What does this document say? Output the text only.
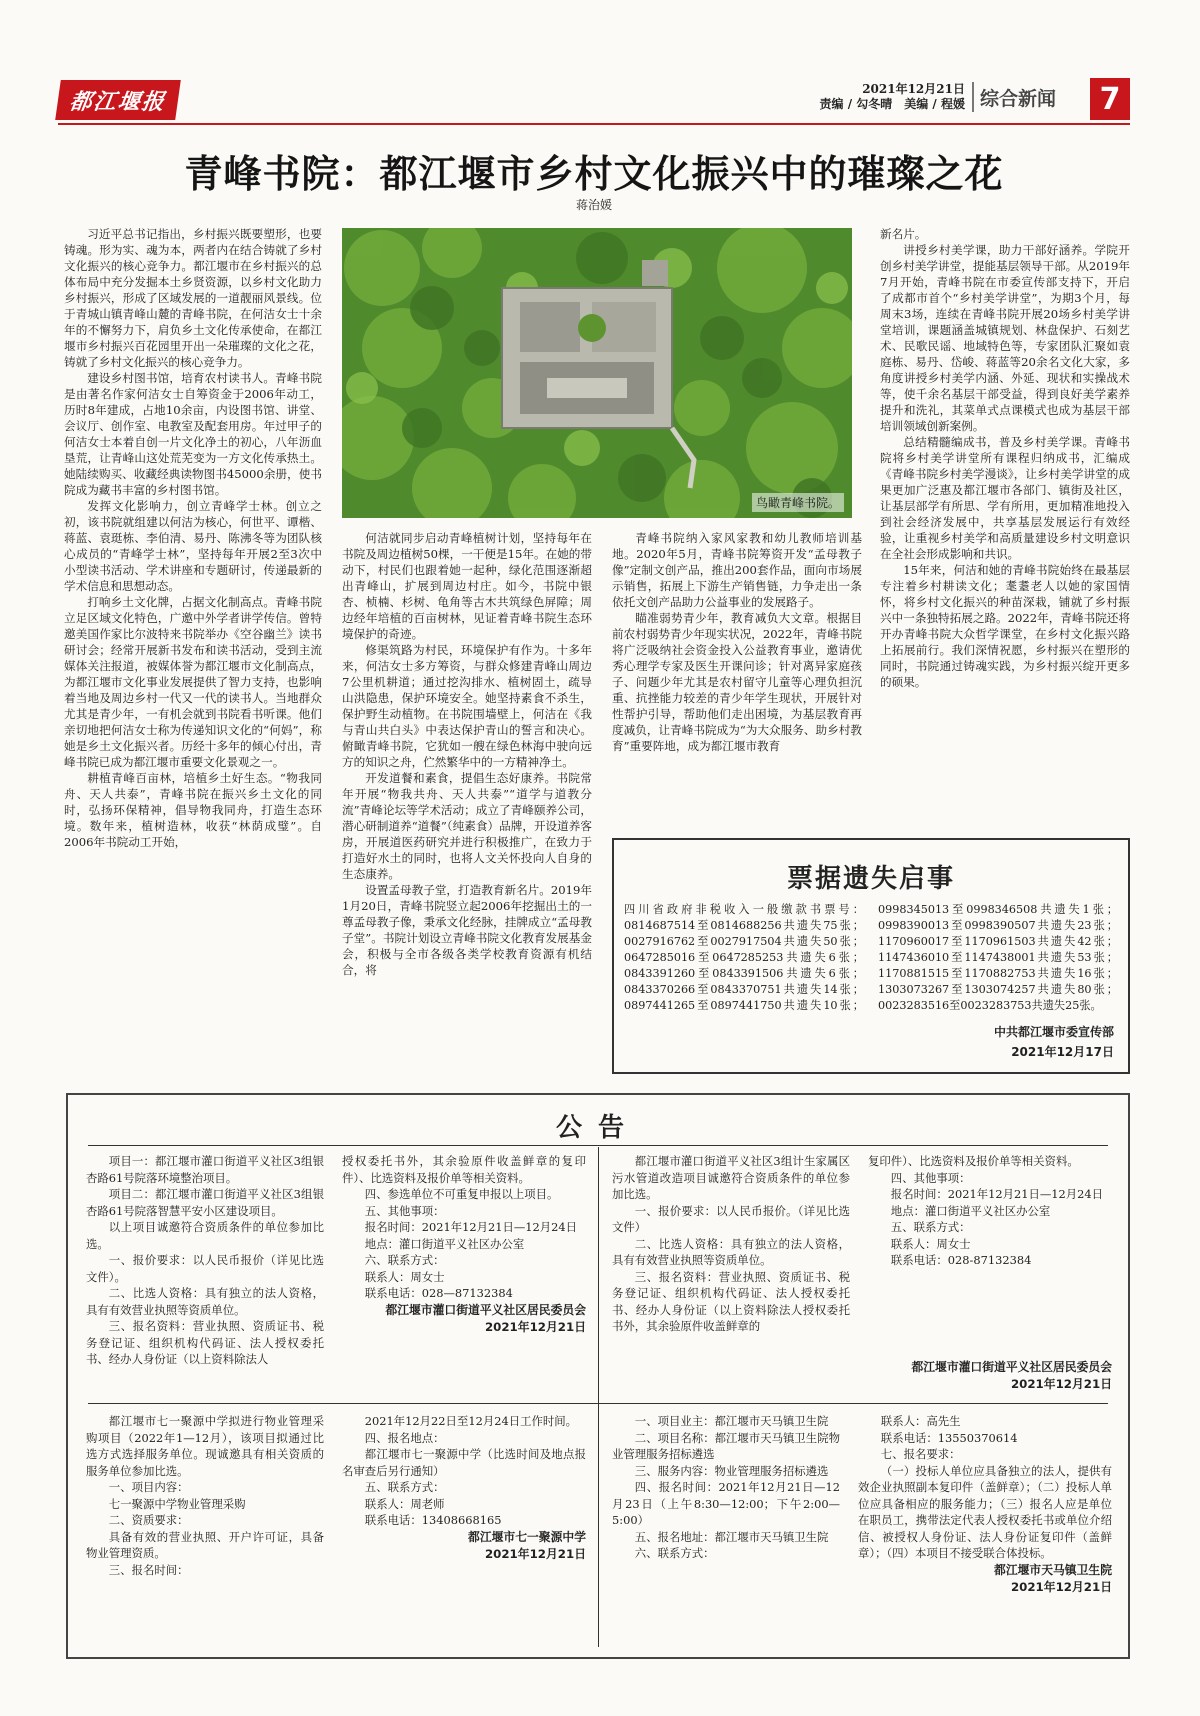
都江堰报	2021年12月21日
责编 / 勾冬晴　美编 / 程媛 综合新闻	7
青峰书院：都江堰市乡村文化振兴中的璀璨之花
蒋治媛

习近平总书记指出，乡村振兴既要塑形，也要铸魂。形为实、魂为本，两者内在结合铸就了乡村文化振兴的核心竞争力。都江堰市在乡村振兴的总体布局中充分发掘本土乡贤资源，以乡村文化助力乡村振兴，形成了区域发展的一道靓丽风景线。位于青城山镇青峰山麓的青峰书院，在何洁女士十余年的不懈努力下，肩负乡土文化传承使命，在都江堰市乡村振兴百花园里开出一朵璀璨的文化之花，铸就了乡村文化振兴的核心竞争力。

建设乡村图书馆，培育农村读书人。青峰书院是由著名作家何洁女士自筹资金于2006年动工，历时8年建成，占地10余亩，内设图书馆、讲堂、会议厅、创作室、电教室及配套用房。年过甲子的何洁女士本着自创一片文化净土的初心，八年沥血垦荒，让青峰山这处荒芜变为一方文化传承热土。她陆续购买、收藏经典读物图书45000余册，使书院成为藏书丰富的乡村图书馆。

发挥文化影响力，创立青峰学士林。创立之初，该书院就组建以何洁为核心，何世平、谭楷、蒋蓝、袁珽栋、李伯清、易丹、陈沸冬等为团队核心成员的“青峰学士林”，坚持每年开展2至3次中小型读书活动、学术讲座和专题研讨，传递最新的学术信息和思想动态。

打响乡土文化牌，占据文化制高点。青峰书院立足区域文化特色，广邀中外学者讲学传信。曾特邀美国作家比尔波特来书院举办《空谷幽兰》读书研讨会；经常开展新书发布和读书活动，受到主流媒体关注报道，被媒体誉为都江堰市文化制高点，为都江堰市文化事业发展提供了智力支持，也影响着当地及周边乡村一代又一代的读书人。当地群众尤其是青少年，一有机会就到书院看书听课。他们亲切地把何洁女士称为传递知识文化的“何妈”，称她是乡土文化振兴者。历经十多年的倾心付出，青峰书院已成为都江堰市重要文化景观之一。

耕植青峰百亩林，培植乡土好生态。“物我同舟、天人共泰”，青峰书院在振兴乡土文化的同时，弘扬环保精神，倡导物我同舟，打造生态环境。数年来，植树造林，收获“林荫成璧”。自2006年书院动工开始，

鸟瞰青峰书院。

何洁就同步启动青峰植树计划，坚持每年在书院及周边植树50棵，一干便是15年。在她的带动下，村民们也跟着她一起种，绿化范围逐渐超出青峰山，扩展到周边村庄。如今，书院中银杏、桢楠、杉树、龟角等古木共筑绿色屏障；周边经年培植的百亩树林，见证着青峰书院生态环境保护的奇迹。

修渠筑路为村民，环境保护有作为。十多年来，何洁女士多方筹资，与群众修建青峰山周边7公里机耕道；通过挖沟排水、植树固土，疏导山洪隐患，保护环境安全。她坚持素食不杀生，保护野生动植物。在书院围墙壁上，何洁在《我与青山共白头》中表达保护青山的誓言和决心。俯瞰青峰书院，它犹如一艘在绿色林海中驶向远方的知识之舟，伫然繁华中的一方精神净土。

开发道餐和素食，提倡生态好康养。书院常年开展“物我共舟、天人共泰”“道学与道教分流”青峰论坛等学术活动；成立了青峰颐养公司，潜心研制道养“道餐”（纯素食）品牌，开设道养客房，开展道医药研究并进行积极推广，在致力于打造好水土的同时，也将人文关怀投向人自身的生态康养。

设置孟母教子堂，打造教育新名片。2019年1月20日，青峰书院竖立起2006年挖掘出土的一尊孟母教子像，秉承文化经脉，挂牌成立“孟母教子堂”。书院计划设立青峰书院文化教育发展基金会，积极与全市各级各类学校教育资源有机结合，将

青峰书院纳入家风家教和幼儿教师培训基地。2020年5月，青峰书院筹资开发“孟母教子像”定制文创产品，推出200套作品，面向市场展示销售，拓展上下游生产销售链，力争走出一条依托文创产品助力公益事业的发展路子。

瞄准弱势青少年，教育减负大文章。根据目前农村弱势青少年现实状况，2022年，青峰书院将广泛吸纳社会资金投入公益教育事业，邀请优秀心理学专家及医生开课问诊；针对离异家庭孩子、问题少年尤其是农村留守儿童等心理负担沉重、抗挫能力较差的青少年学生现状，开展针对性帮护引导，帮助他们走出困境，为基层教育再度减负，让青峰书院成为“为大众服务、助乡村教育”重要阵地，成为都江堰市教育

新名片。

讲授乡村美学课，助力干部好涵养。学院开创乡村美学讲堂，提能基层领导干部。从2019年7月开始，青峰书院在市委宣传部支持下，开启了成都市首个“乡村美学讲堂”，为期3个月，每周末3场，连续在青峰书院开展20场乡村美学讲堂培训，课题涵盖城镇规划、林盘保护、石刻艺术、民歌民谣、地域特色等，专家团队汇聚如袁庭栋、易丹、岱峻、蒋蓝等20余名文化大家，多角度讲授乡村美学内涵、外延、现状和实操战术等，使千余名基层干部受益，得到良好美学素养提升和洗礼，其菜单式点课模式也成为基层干部培训领域创新案例。

总结精髓编成书，普及乡村美学课。青峰书院将乡村美学讲堂所有课程归纳成书，汇编成《青峰书院乡村美学漫谈》，让乡村美学讲堂的成果更加广泛惠及都江堰市各部门、镇街及社区，让基层部学有所思、学有所用，更加精准地投入到社会经济发展中，共享基层发展运行有效经验，让重视乡村美学和高质量建设乡村文明意识在全社会形成影响和共识。

15年来，何洁和她的青峰书院始终在最基层专注着乡村耕读文化；耄耋老人以她的家国情怀，将乡村文化振兴的种苗深栽，铺就了乡村振兴中一条独特拓展之路。2022年，青峰书院还将开办青峰书院大众哲学课堂，在乡村文化振兴路上拓展前行。我们深情祝愿，乡村振兴在塑形的同时，书院通过铸魂实践，为乡村振兴绽开更多的硕果。

票据遗失启事
四川省政府非税收入一般缴款书票号：0814687514至0814688256共遗失75张；0027916762至0027917504共遗失50张；0647285016至0647285253共遗失6张；0843391260至0843391506共遗失6张；0843370266至0843370751共遗失14张；0897441265至0897441750共遗失10张；0998345013至0998346508共遗失1张；0998390013至0998390507共遗失23张；1170960017至1170961503共遗失42张；1147436010至1147438001共遗失53张；1170881515至1170882753共遗失16张；1303073267至1303074257共遗失80张；0023283516至0023283753共遗失25张。
中共都江堰市委宣传部
2021年12月17日
公告

项目一：都江堰市灌口街道平义社区3组银杏路61号院落环境整治项目。

项目二：都江堰市灌口街道平义社区3组银杏路61号院落智慧平安小区建设项目。

以上项目诚邀符合资质条件的单位参加比选。

一、报价要求：以人民币报价（详见比选文件）。

二、比选人资格：具有独立的法人资格，具有有效营业执照等资质单位。

三、报名资料：营业执照、资质证书、税务登记证、组织机构代码证、法人授权委托书、经办人身份证（以上资料除法人

授权委托书外，其余验原件收盖鲜章的复印件）、比选资料及报价单等相关资料。

四、参选单位不可重复申报以上项目。

五、其他事项：

报名时间：2021年12月21日—12月24日

地点：灌口街道平义社区办公室

六、联系方式：

联系人：周女士

联系电话：028—87132384

都江堰市灌口街道平义社区居民委员会
2021年12月21日

都江堰市灌口街道平义社区3组计生家属区污水管道改造项目诚邀符合资质条件的单位参加比选。

一、报价要求：以人民币报价。（详见比选文件）

二、比选人资格：具有独立的法人资格，具有有效营业执照等资质单位。

三、报名资料：营业执照、资质证书、税务登记证、组织机构代码证、法人授权委托书、经办人身份证（以上资料除法人授权委托书外，其余验原件收盖鲜章的

复印件）、比选资料及报价单等相关资料。

四、其他事项：

报名时间：2021年12月21日—12月24日

地点：灌口街道平义社区办公室

五、联系方式：

联系人：周女士

联系电话：028-87132384

都江堰市灌口街道平义社区居民委员会
2021年12月21日

都江堰市七一聚源中学拟进行物业管理采购项目（2022年1—12月），该项目拟通过比选方式选择服务单位。现诚邀具有相关资质的服务单位参加比选。

一、项目内容：

七一聚源中学物业管理采购

二、资质要求：

具备有效的营业执照、开户许可证，具备物业管理资质。

三、报名时间：

2021年12月22日至12月24日工作时间。

四、报名地点：

都江堰市七一聚源中学（比选时间及地点报名审查后另行通知）

五、联系方式：

联系人：周老师

联系电话：13408668165

都江堰市七一聚源中学
2021年12月21日

一、项目业主：都江堰市天马镇卫生院

二、项目名称：都江堰市天马镇卫生院物业管理服务招标遴选

三、服务内容：物业管理服务招标遴选

四、报名时间：2021年12月21日—12月23日（上午8:30—12:00；下午2:00—5:00）

五、报名地址：都江堰市天马镇卫生院

六、联系方式：

联系人：高先生

联系电话：13550370614

七、报名要求：

（一）投标人单位应具备独立的法人，提供有效企业执照副本复印件（盖鲜章）；（二）投标人单位应具备相应的服务能力；（三）报名人应是单位在职员工，携带法定代表人授权委托书或单位介绍信、被授权人身份证、法人身份证复印件（盖鲜章）；（四）本项目不接受联合体投标。

都江堰市天马镇卫生院
2021年12月21日
